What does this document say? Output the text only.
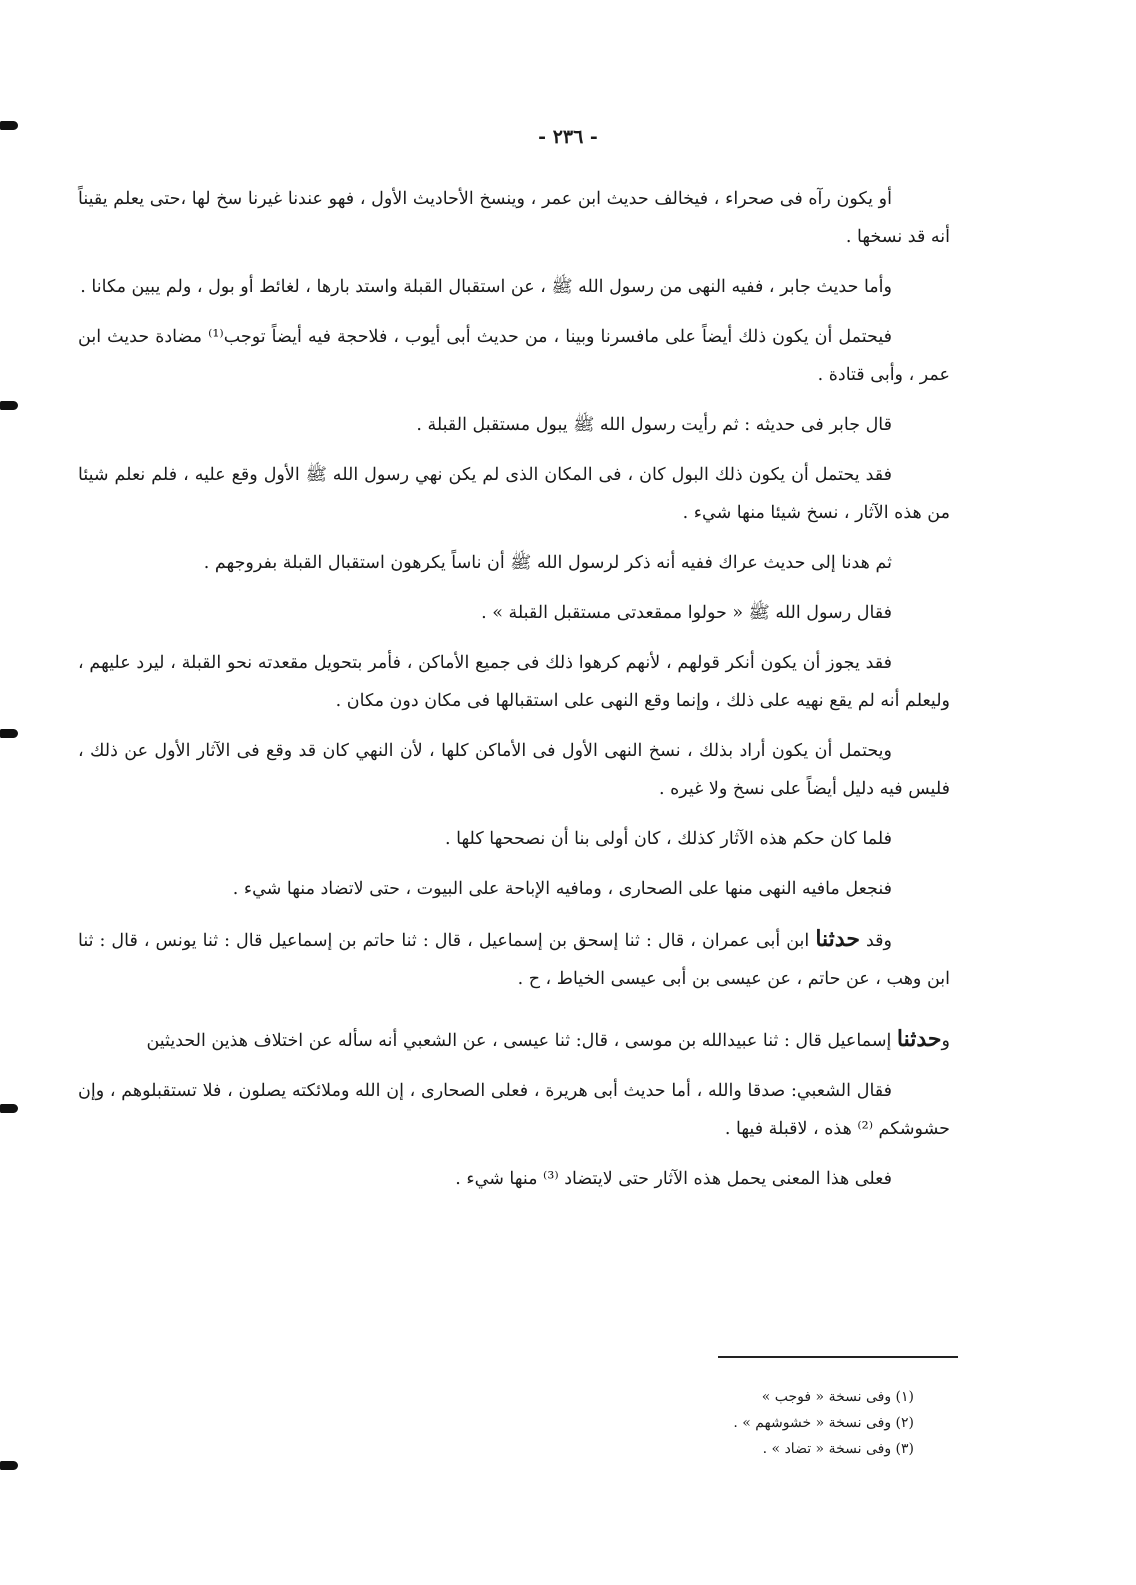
- ٢٣٦ -

أو يكون رآه فى صحراء ، فيخالف حديث ابن عمر ، وينسخ الأحاديث الأول ، فهو عندنا غيرنا سخ لها ،حتى يعلم يقيناً أنه قد نسخها .

وأما حديث جابر ، ففيه النهى من رسول الله ﷺ ، عن استقبال القبلة واستد بارها ، لغائط أو بول ، ولم يبين مكانا .

فيحتمل أن يكون ذلك أيضاً على مافسرنا وبينا ، من حديث أبى أيوب ، فلاحجة فيه أيضاً توجب⁽¹⁾ مضادة حديث ابن عمر ، وأبى قتادة .

قال جابر فى حديثه : ثم رأيت رسول الله ﷺ يبول مستقبل القبلة .

فقد يحتمل أن يكون ذلك البول كان ، فى المكان الذى لم يكن نهي رسول الله ﷺ الأول وقع عليه ، فلم نعلم شيئا من هذه الآثار ، نسخ شيئا منها شيء .

ثم هدنا إلى حديث عراك ففيه أنه ذكر لرسول الله ﷺ أن ناساً يكرهون استقبال القبلة بفروجهم .

فقال رسول الله ﷺ « حولوا ممقعدتى مستقبل القبلة » .

فقد يجوز أن يكون أنكر قولهم ، لأنهم كرهوا ذلك فى جميع الأماكن ، فأمر بتحويل مقعدته نحو القبلة ، ليرد عليهم ، وليعلم أنه لم يقع نهيه على ذلك ، وإنما وقع النهى على استقبالها فى مكان دون مكان .

ويحتمل أن يكون أراد بذلك ، نسخ النهى الأول فى الأماكن كلها ، لأن النهي كان قد وقع فى الآثار الأول عن ذلك ، فليس فيه دليل أيضاً على نسخ ولا غيره .

فلما كان حكم هذه الآثار كذلك ، كان أولى بنا أن نصححها كلها .

فنجعل مافيه النهى منها على الصحارى ، ومافيه الإباحة على البيوت ، حتى لاتضاد منها شيء .

وقد حدثنا ابن أبى عمران ، قال : ثنا إسحق بن إسماعيل ، قال : ثنا حاتم بن إسماعيل قال : ثنا يونس ، قال : ثنا ابن وهب ، عن حاتم ، عن عيسى بن أبى عيسى الخياط ، ح .

وحدثنا إسماعيل قال : ثنا عبيدالله بن موسى ، قال: ثنا عيسى ، عن الشعبي أنه سأله عن اختلاف هذين الحديثين

فقال الشعبي: صدقا والله ، أما حديث أبى هريرة ، فعلى الصحارى ، إن الله وملائكته يصلون ، فلا تستقبلوهم ، وإن حشوشكم ⁽²⁾ هذه ، لاقبلة فيها .

فعلى هذا المعنى يحمل هذه الآثار حتى لايتضاد ⁽³⁾ منها شيء .

(١) وفى نسخة « فوجب »
(٢) وفى نسخة « خشوشهم » .
(٣) وفى نسخة « تضاد » .
